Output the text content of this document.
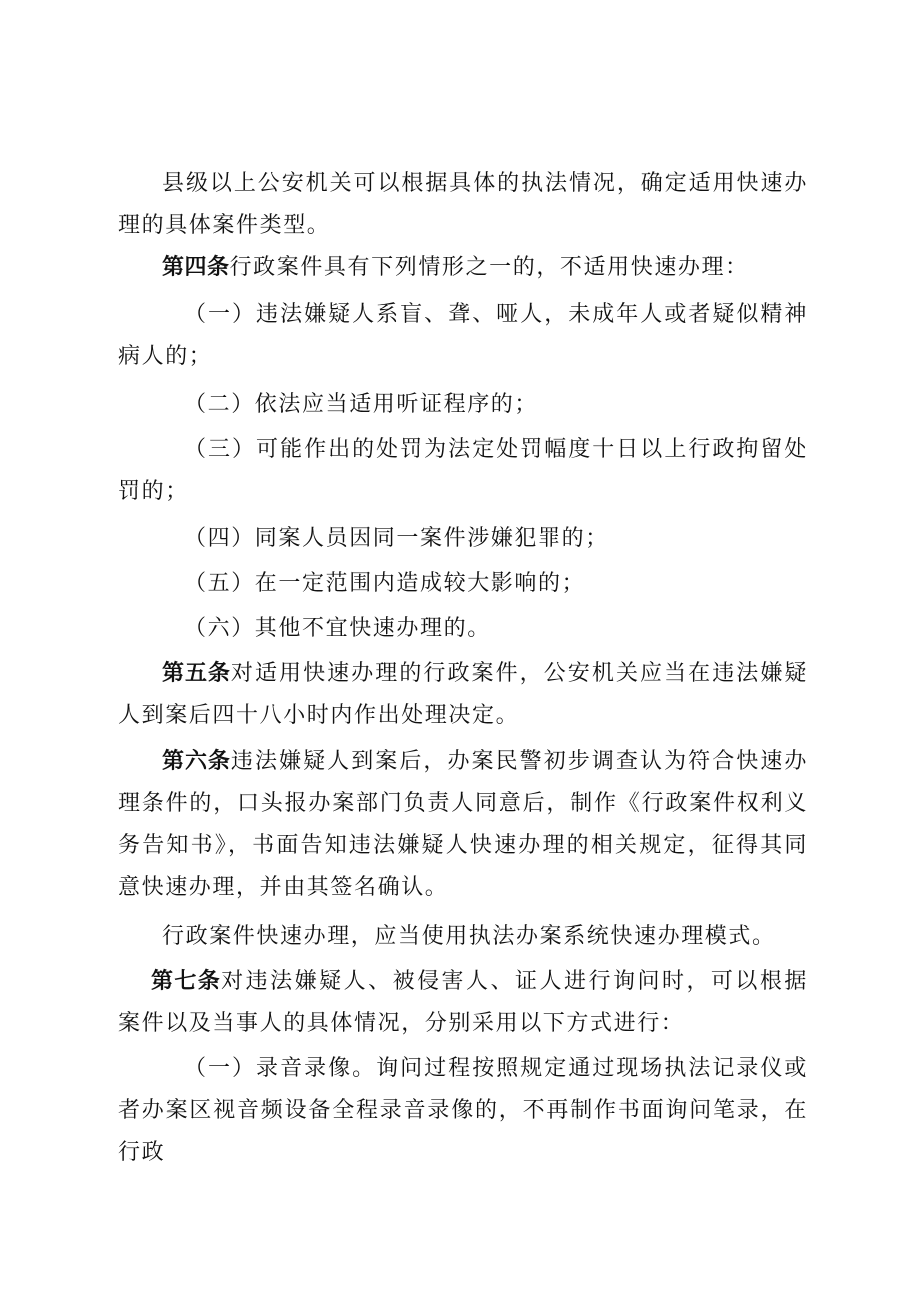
县级以上公安机关可以根据具体的执法情况，确定适用快速办理的具体案件类型。

第四条行政案件具有下列情形之一的，不适用快速办理：

（一）违法嫌疑人系盲、聋、哑人，未成年人或者疑似精神病人的；

（二）依法应当适用听证程序的；

（三）可能作出的处罚为法定处罚幅度十日以上行政拘留处罚的；

（四）同案人员因同一案件涉嫌犯罪的；

（五）在一定范围内造成较大影响的；

（六）其他不宜快速办理的。

第五条对适用快速办理的行政案件，公安机关应当在违法嫌疑人到案后四十八小时内作出处理决定。

第六条违法嫌疑人到案后，办案民警初步调查认为符合快速办理条件的，口头报办案部门负责人同意后，制作《行政案件权利义务告知书》，书面告知违法嫌疑人快速办理的相关规定，征得其同意快速办理，并由其签名确认。

行政案件快速办理，应当使用执法办案系统快速办理模式。

第七条对违法嫌疑人、被侵害人、证人进行询问时，可以根据案件以及当事人的具体情况，分别采用以下方式进行：

（一）录音录像。询问过程按照规定通过现场执法记录仪或者办案区视音频设备全程录音录像的，不再制作书面询问笔录，在行政
